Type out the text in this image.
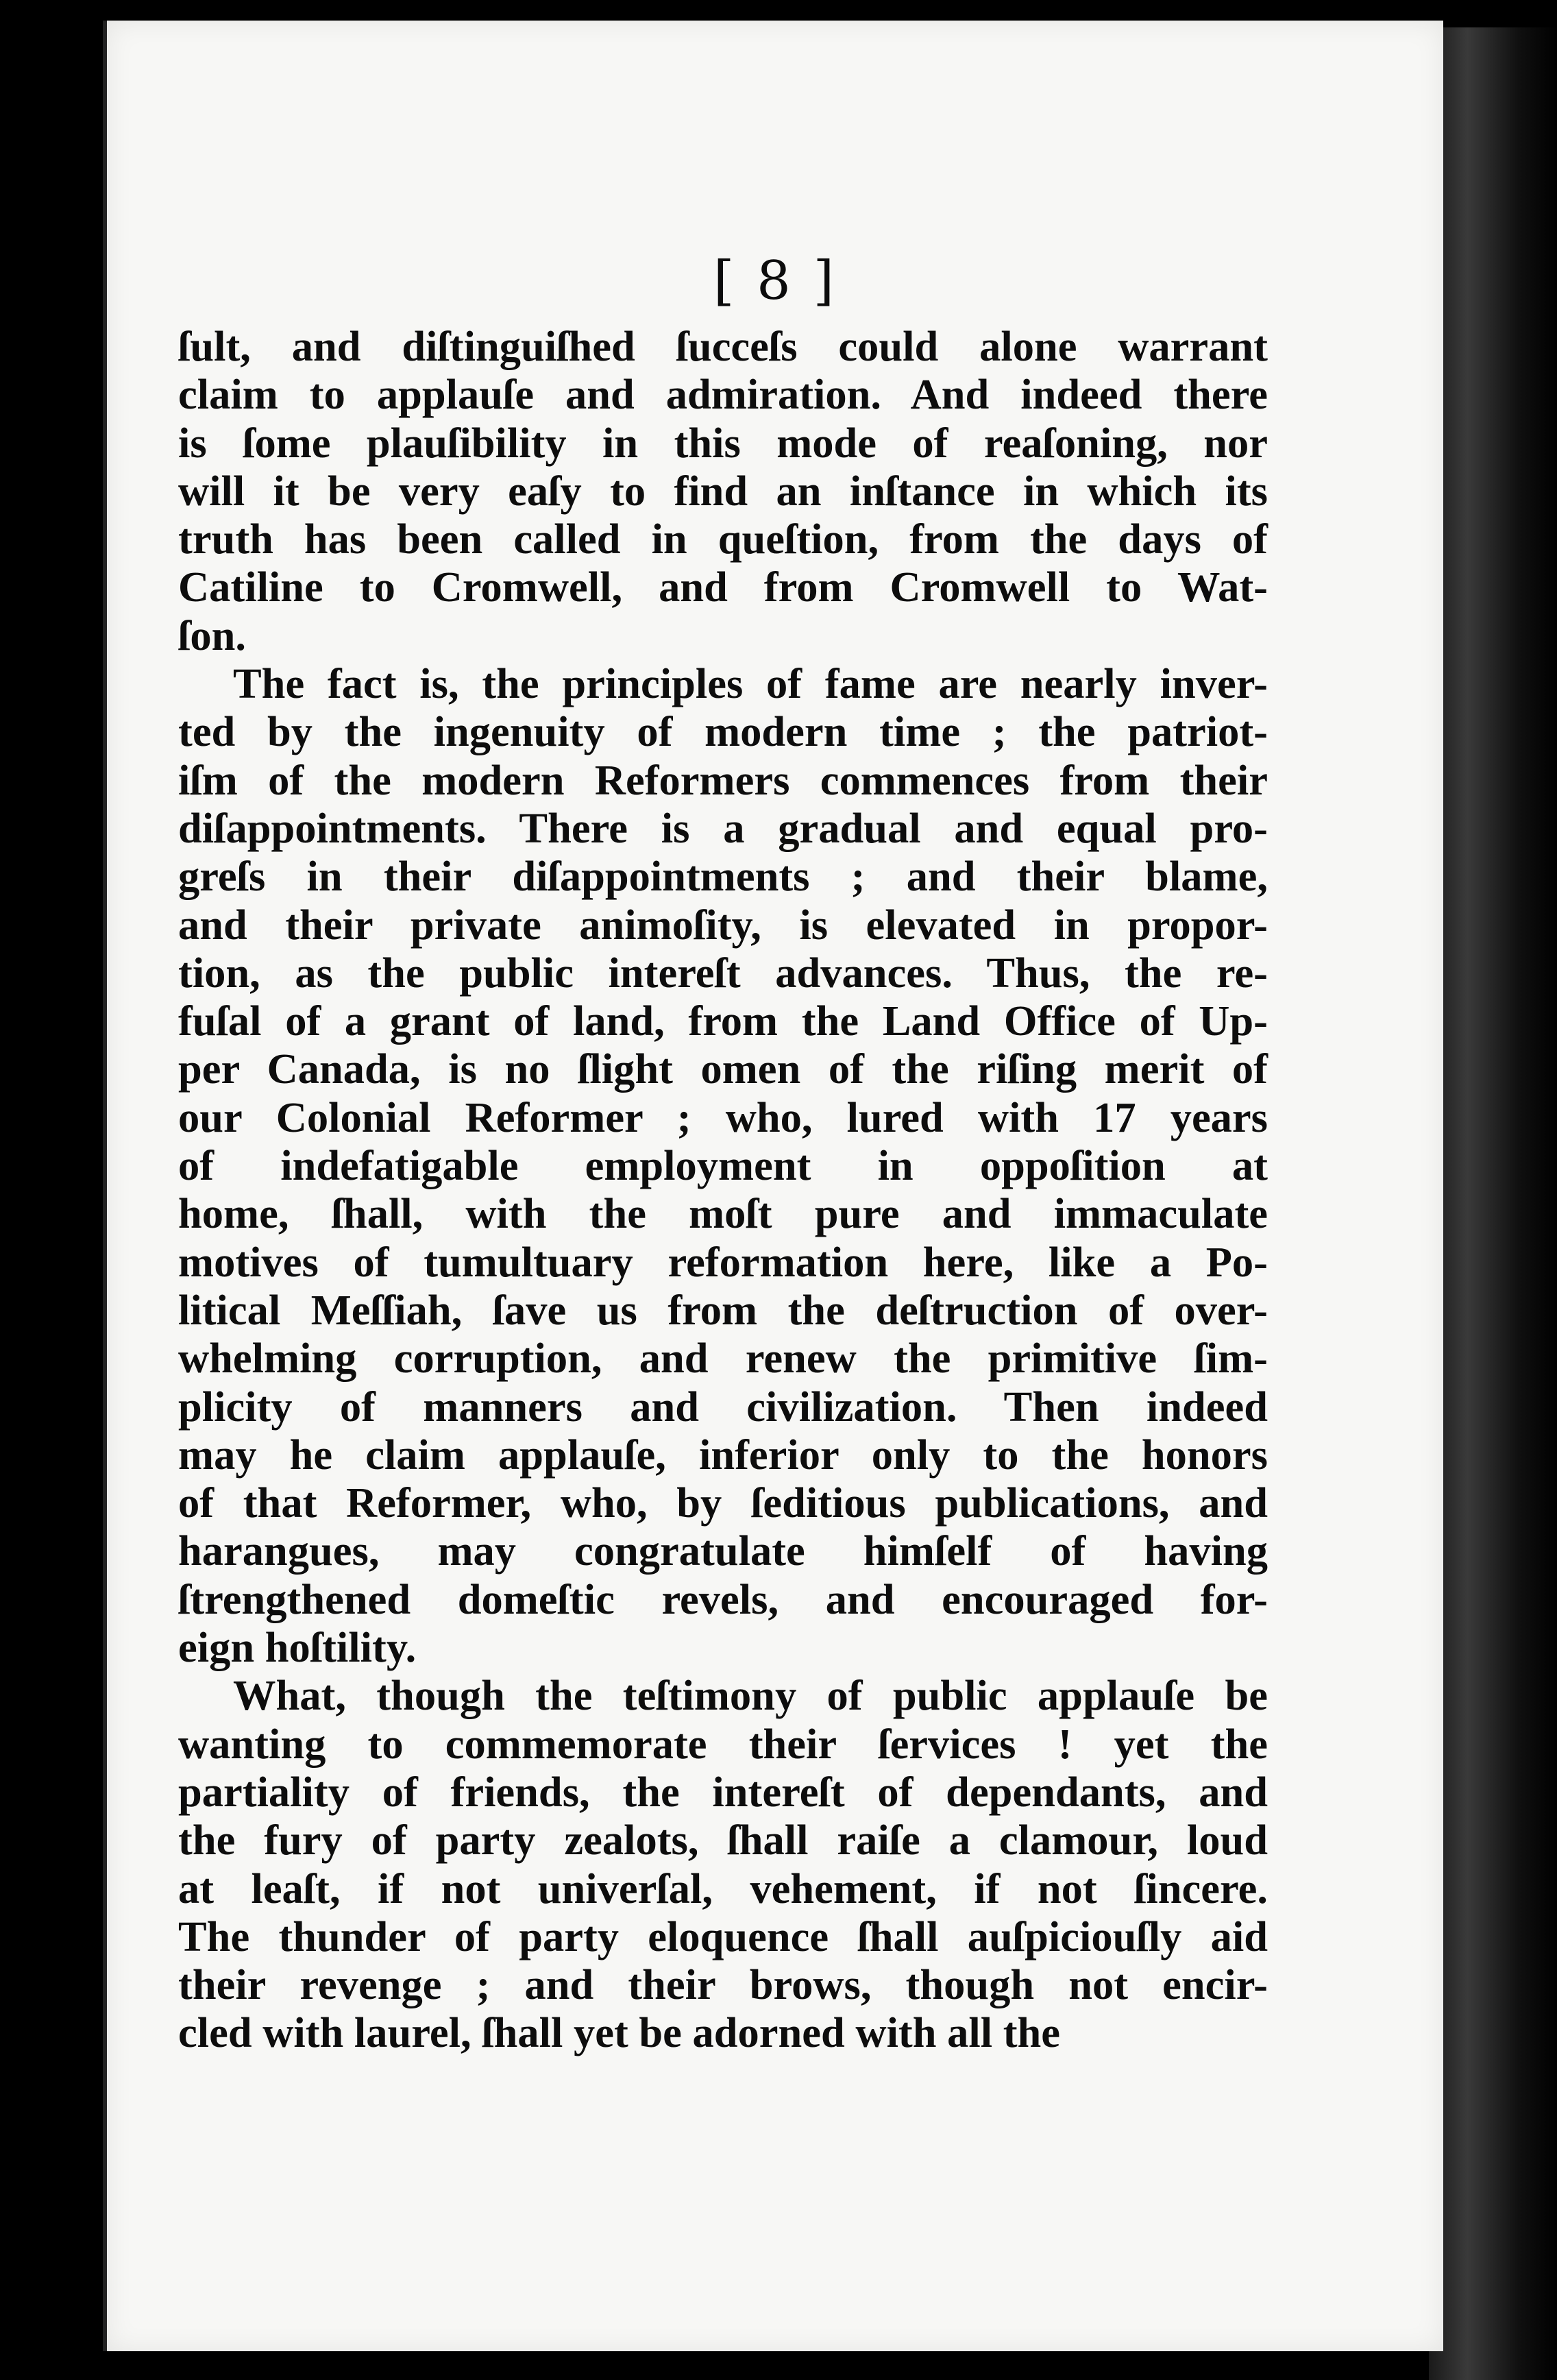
[ 8 ]
ſult, and diſtinguiſhed ſucceſs could alone warrant
claim to applauſe and admiration. And indeed there
is ſome plauſibility in this mode of reaſoning, nor
will it be very eaſy to find an inſtance in which its
truth has been called in queſtion, from the days of
Catiline to Cromwell, and from Cromwell to Wat-
ſon.
The fact is, the principles of fame are nearly inver-
ted by the ingenuity of modern time ; the patriot-
iſm of the modern Reformers commences from their
diſappointments. There is a gradual and equal pro-
greſs in their diſappointments ; and their blame,
and their private animoſity, is elevated in propor-
tion, as the public intereſt advances. Thus, the re-
fuſal of a grant of land, from the Land Office of Up-
per Canada, is no ſlight omen of the riſing merit of
our Colonial Reformer ; who, lured with 17 years
of indefatigable employment in oppoſition at
home, ſhall, with the moſt pure and immaculate
motives of tumultuary reformation here, like a Po-
litical Meſſiah, ſave us from the deſtruction of over-
whelming corruption, and renew the primitive ſim-
plicity of manners and civilization. Then indeed
may he claim applauſe, inferior only to the honors
of that Reformer, who, by ſeditious publications, and
harangues, may congratulate himſelf of having
ſtrengthened domeſtic revels, and encouraged for-
eign hoſtility.
What, though the teſtimony of public applauſe be
wanting to commemorate their ſervices ! yet the
partiality of friends, the intereſt of dependants, and
the fury of party zealots, ſhall raiſe a clamour, loud
at leaſt, if not univerſal, vehement, if not ſincere.
The thunder of party eloquence ſhall auſpiciouſly aid
their revenge ; and their brows, though not encir-
cled with laurel, ſhall yet be adorned with all the
